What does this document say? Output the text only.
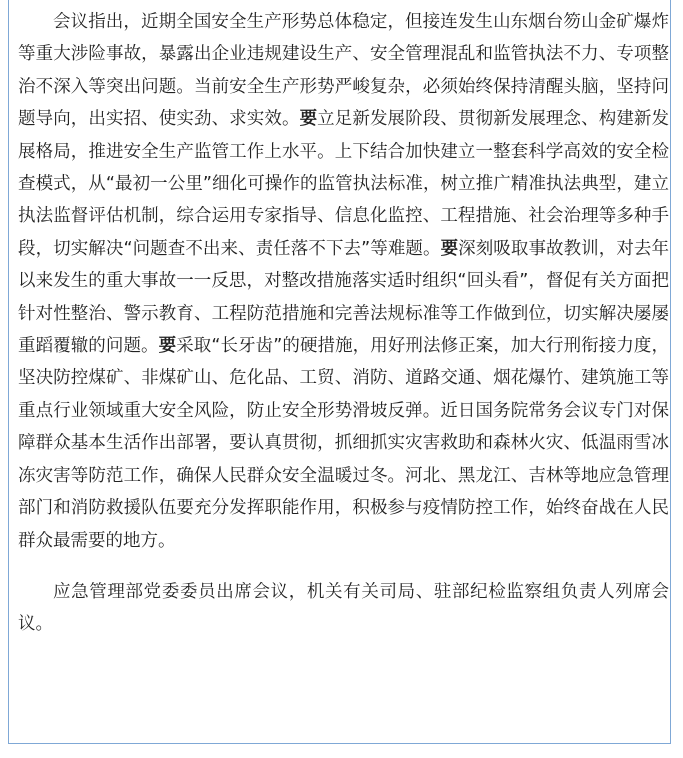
会议指出，近期全国安全生产形势总体稳定，但接连发生山东烟台笏山金矿爆炸等重大涉险事故，暴露出企业违规建设生产、安全管理混乱和监管执法不力、专项整治不深入等突出问题。当前安全生产形势严峻复杂，必须始终保持清醒头脑，坚持问题导向，出实招、使实劲、求实效。要立足新发展阶段、贯彻新发展理念、构建新发展格局，推进安全生产监管工作上水平。上下结合加快建立一整套科学高效的安全检查模式，从“最初一公里”细化可操作的监管执法标准，树立推广精准执法典型，建立执法监督评估机制，综合运用专家指导、信息化监控、工程措施、社会治理等多种手段，切实解决“问题查不出来、责任落不下去”等难题。要深刻吸取事故教训，对去年以来发生的重大事故一一反思，对整改措施落实适时组织“回头看”，督促有关方面把针对性整治、警示教育、工程防范措施和完善法规标准等工作做到位，切实解决屡屡重蹈覆辙的问题。要采取“长牙齿”的硬措施，用好刑法修正案，加大行刑衔接力度，坚决防控煤矿、非煤矿山、危化品、工贸、消防、道路交通、烟花爆竹、建筑施工等重点行业领域重大安全风险，防止安全形势滑坡反弹。近日国务院常务会议专门对保障群众基本生活作出部署，要认真贯彻，抓细抓实灾害救助和森林火灾、低温雨雪冰冻灾害等防范工作，确保人民群众安全温暖过冬。河北、黑龙江、吉林等地应急管理部门和消防救援队伍要充分发挥职能作用，积极参与疫情防控工作，始终奋战在人民群众最需要的地方。

应急管理部党委委员出席会议，机关有关司局、驻部纪检监察组负责人列席会议。
